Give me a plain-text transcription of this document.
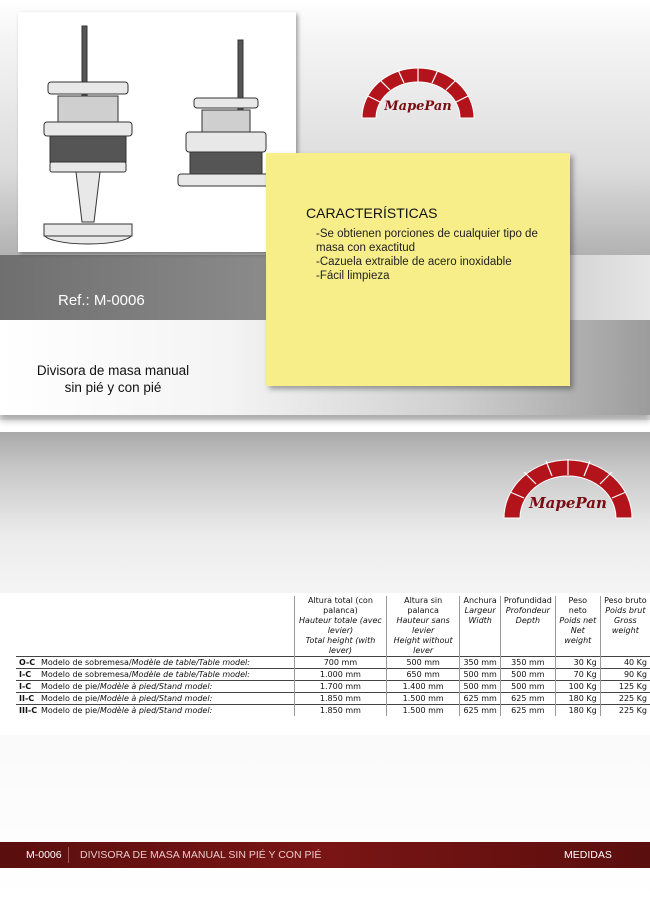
MapePan
CARACTERÍSTICAS
-Se obtienen porciones de cualquier tipo de masa con exactitud
-Cazuela extraible de acero inoxidable
-Fácil limpieza
Ref.: M-0006
Divisora de masa manual
sin pié y con pié
MapePan

	Altura total (con palanca)
Hauteur totale (avec levier)
Total height (with lever)	Altura sin palanca
Hauteur sans levier
Height without lever	Anchura
Largeur
Width	Profundidad
Profondeur
Depth	Peso neto
Poids net
Net weight	Peso bruto
Poids brut
Gross weight

O-C Modelo de sobremesa/Modèle de table/Table model:	700 mm	500 mm	350 mm	350 mm	30 Kg	40 Kg
I-C Modelo de sobremesa/Modèle de table/Table model:	1.000 mm	650 mm	500 mm	500 mm	70 Kg	90 Kg
I-C Modelo de pie/Modèle à pied/Stand model:	1.700 mm	1.400 mm	500 mm	500 mm	100 Kg	125 Kg
II-C Modelo de pie/Modèle à pied/Stand model:	1.850 mm	1.500 mm	625 mm	625 mm	180 Kg	225 Kg
III-C Modelo de pie/Modèle à pied/Stand model:	1.850 mm	1.500 mm	625 mm	625 mm	180 Kg	225 Kg
M-0006 DIVISORA DE MASA MANUAL SIN PIÉ Y CON PIÉ	MEDIDAS
